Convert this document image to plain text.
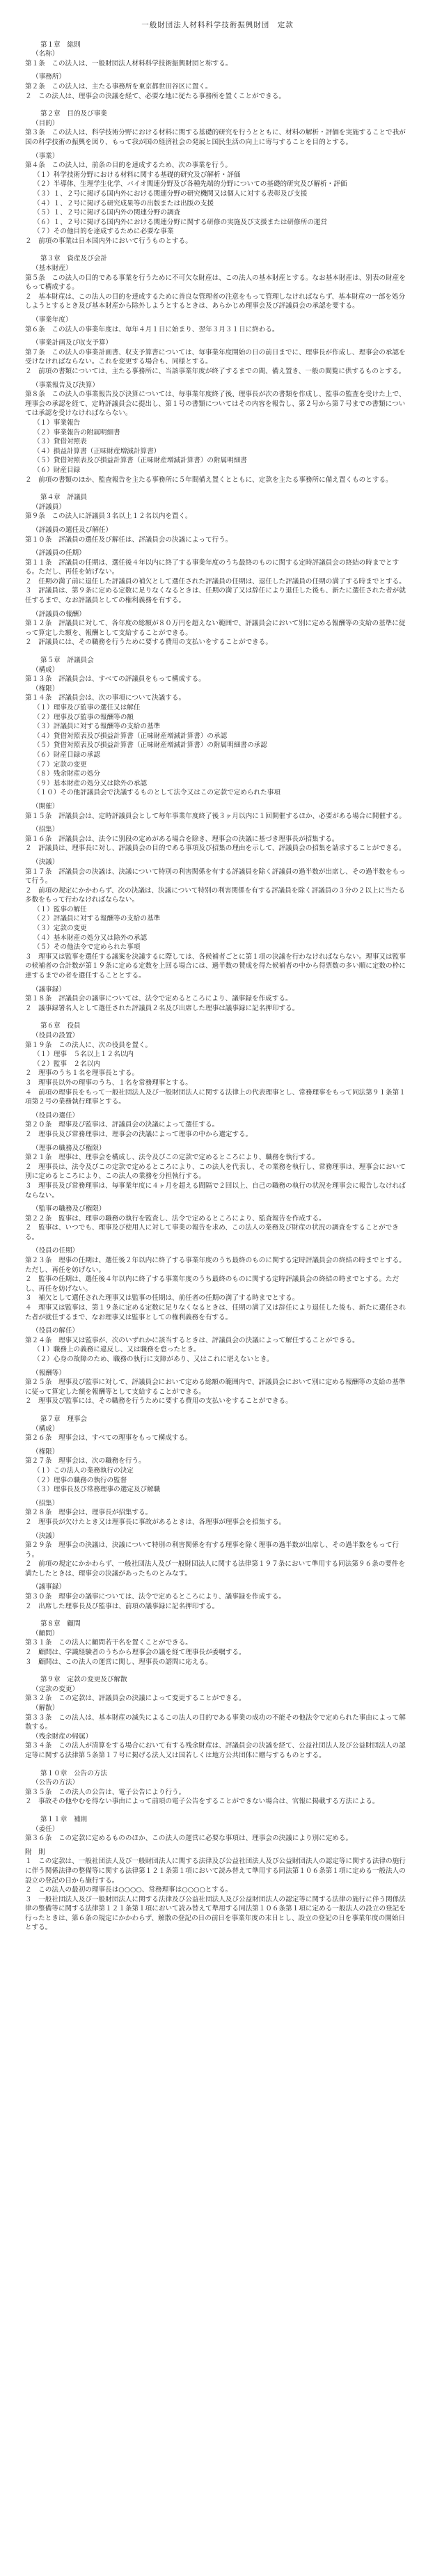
一般財団法人材料科学技術振興財団　定款
第１章　総則
（名称）
第１条　この法人は、一般財団法人材料科学技術振興財団と称する。
（事務所）
第２条　この法人は、主たる事務所を東京都世田谷区に置く。
２　この法人は、理事会の決議を経て、必要な地に従たる事務所を置くことができる。
第２章　目的及び事業
（目的）
第３条　この法人は、科学技術分野における材料に関する基礎的研究を行うとともに、材料の解析・評価を実施することで我が国の科学技術の振興を図り、もって我が国の経済社会の発展と国民生活の向上に寄与することを目的とする。
（事業）
第４条　この法人は、前条の目的を達成するため、次の事業を行う。
（１）科学技術分野における材料に関する基礎的研究及び解析・評価
（２）半導体、生理学生化学、バイオ関連分野及び各種先端的分野についての基礎的研究及び解析・評価
（３）１、２号に掲げる国内外における関連分野の研究機関又は個人に対する表彰及び支援
（４）１、２号に掲げる研究成果等の出版または出版の支援
（５）１、２号に掲げる国内外の関連分野の調査
（６）１、２号に掲げる国内外における関連分野に関する研修の実施及び支援または研修所の運営
（７）その他目的を達成するために必要な事業
２　前項の事業は日本国内外において行うものとする。
第３章　資産及び会計
（基本財産）
第５条　この法人の目的である事業を行うために不可欠な財産は、この法人の基本財産とする。なお基本財産は、別表の財産をもって構成する。
２　基本財産は、この法人の目的を達成するために善良な管理者の注意をもって管理しなければならず、基本財産の一部を処分しようとするとき及び基本財産から除外しようとするときは、あらかじめ理事会及び評議員会の承認を要する。
（事業年度）
第６条　この法人の事業年度は、毎年４月１日に始まり、翌年３月３１日に終わる。
（事業計画及び収支予算）
第７条　この法人の事業計画書、収支予算書については、毎事業年度開始の日の前日までに、理事長が作成し、理事会の承認を受けなければならない。これを変更する場合も、同様とする。
２　前項の書類については、主たる事務所に、当該事業年度が終了するまでの間、備え置き、一般の閲覧に供するものとする。
（事業報告及び決算）
第８条　この法人の事業報告及び決算については、毎事業年度終了後、理事長が次の書類を作成し、監事の監査を受けた上で、理事会の承認を経て、定時評議員会に提出し、第１号の書類についてはその内容を報告し、第２号から第７号までの書類については承認を受けなければならない。
（１）事業報告
（２）事業報告の附属明細書
（３）貸借対照表
（４）損益計算書（正味財産増減計算書）
（５）貸借対照表及び損益計算書（正味財産増減計算書）の附属明細書
（６）財産目録
２　前項の書類のほか、監査報告を主たる事務所に５年間備え置くとともに、定款を主たる事務所に備え置くものとする。
第４章　評議員
（評議員）
第９条　この法人に評議員３名以上１２名以内を置く。
（評議員の選任及び解任）
第１０条　評議員の選任及び解任は、評議員会の決議によって行う。
（評議員の任期）
第１１条　評議員の任期は、選任後４年以内に終了する事業年度のうち最終のものに関する定時評議員会の終結の時までとする。ただし、再任を妨げない。
２　任期の満了前に退任した評議員の補欠として選任された評議員の任期は、退任した評議員の任期の満了する時までとする。
３　評議員は、第９条に定める定数に足りなくなるときは、任期の満了又は辞任により退任した後も、新たに選任された者が就任するまで、なお評議員としての権利義務を有する。
（評議員の報酬）
第１２条　評議員に対して、各年度の総額が８０万円を超えない範囲で、評議員会において別に定める報酬等の支給の基準に従って算定した額を、報酬として支給することができる。
２　評議員には、その職務を行うために要する費用の支払いをすることができる。
第５章　評議員会
（構成）
第１３条　評議員会は、すべての評議員をもって構成する。
（権限）
第１４条　評議員会は、次の事項について決議する。
（１）理事及び監事の選任又は解任
（２）理事及び監事の報酬等の額
（３）評議員に対する報酬等の支給の基準
（４）貸借対照表及び損益計算書（正味財産増減計算書）の承認
（５）貸借対照表及び損益計算書（正味財産増減計算書）の附属明細書の承認
（６）財産目録の承認
（７）定款の変更
（８）残余財産の処分
（９）基本財産の処分又は除外の承認
（１０）その他評議員会で決議するものとして法令又はこの定款で定められた事項
（開催）
第１５条　評議員会は、定時評議員会として毎年事業年度終了後３ヶ月以内に１回開催するほか、必要がある場合に開催する。
（招集）
第１６条　評議員会は、法令に別段の定めがある場合を除き、理事会の決議に基づき理事長が招集する。
２　評議員は、理事長に対し、評議員会の目的である事項及び招集の理由を示して、評議員会の招集を請求することができる。
（決議）
第１７条　評議員会の決議は、決議について特別の利害関係を有する評議員を除く評議員の過半数が出席し、その過半数をもって行う。
２　前項の規定にかかわらず、次の決議は、決議について特別の利害関係を有する評議員を除く評議員の３分の２以上に当たる多数をもって行わなければならない。
（１）監事の解任
（２）評議員に対する報酬等の支給の基準
（３）定款の変更
（４）基本財産の処分又は除外の承認
（５）その他法令で定められた事項
３　理事又は監事を選任する議案を決議するに際しては、各候補者ごとに第１項の決議を行わなければならない。理事又は監事の候補者の合計数が第１９条に定める定数を上回る場合には、過半数の賛成を得た候補者の中から得票数の多い順に定数の枠に達するまでの者を選任することとする。
（議事録）
第１８条　評議員会の議事については、法令で定めるところにより、議事録を作成する。
２　議事録署名人として選任された評議員２名及び出席した理事は議事録に記名押印する。
第６章　役員
（役員の設置）
第１９条　この法人に、次の役員を置く。
（１）理事　５名以上１２名以内
（２）監事　２名以内
２　理事のうち１名を理事長とする。
３　理事長以外の理事のうち、１名を常務理事とする。
４　前項の理事長をもって一般社団法人及び一般財団法人に関する法律上の代表理事とし、常務理事をもって同法第９１条第１項第２号の業務執行理事とする。
（役員の選任）
第２０条　理事及び監事は、評議員会の決議によって選任する。
２　理事長及び常務理事は、理事会の決議によって理事の中から選定する。
（理事の職務及び権限）
第２１条　理事は、理事会を構成し、法令及びこの定款で定めるところにより、職務を執行する。
２　理事長は、法令及びこの定款で定めるところにより、この法人を代表し、その業務を執行し、常務理事は、理事会において別に定めるところにより、この法人の業務を分担執行する。
３　理事長及び常務理事は、毎事業年度に４ヶ月を超える間隔で２回以上、自己の職務の執行の状況を理事会に報告しなければならない。
（監事の職務及び権限）
第２２条　監事は、理事の職務の執行を監査し、法令で定めるところにより、監査報告を作成する。
２　監事は、いつでも、理事及び使用人に対して事業の報告を求め、この法人の業務及び財産の状況の調査をすることができる。
（役員の任期）
第２３条　理事の任期は、選任後２年以内に終了する事業年度のうち最終のものに関する定時評議員会の終結の時までとする。ただし、再任を妨げない。
２　監事の任期は、選任後４年以内に終了する事業年度のうち最終のものに関する定時評議員会の終結の時までとする。ただし、再任を妨げない。
３　補欠として選任された理事又は監事の任期は、前任者の任期の満了する時までとする。
４　理事又は監事は、第１９条に定める定数に足りなくなるときは、任期の満了又は辞任により退任した後も、新たに選任された者が就任するまで、なお理事又は監事としての権利義務を有する。
（役員の解任）
第２４条　理事又は監事が、次のいずれかに該当するときは、評議員会の決議によって解任することができる。
（１）職務上の義務に違反し、又は職務を怠ったとき。
（２）心身の故障のため、職務の執行に支障があり、又はこれに堪えないとき。
（報酬等）
第２５条　理事及び監事に対して、評議員会において定める総額の範囲内で、評議員会において別に定める報酬等の支給の基準に従って算定した額を報酬等として支給することができる。
２　理事及び監事には、その職務を行うために要する費用の支払いをすることができる。
第７章　理事会
（構成）
第２６条　理事会は、すべての理事をもって構成する。
（権限）
第２７条　理事会は、次の職務を行う。
（１）この法人の業務執行の決定
（２）理事の職務の執行の監督
（３）理事長及び常務理事の選定及び解職
（招集）
第２８条　理事会は、理事長が招集する。
２　理事長が欠けたとき又は理事長に事故があるときは、各理事が理事会を招集する。
（決議）
第２９条　理事会の決議は、決議について特別の利害関係を有する理事を除く理事の過半数が出席し、その過半数をもって行う。
２　前項の規定にかかわらず、一般社団法人及び一般財団法人に関する法律第１９７条において準用する同法第９６条の要件を満たしたときは、理事会の決議があったものとみなす。
（議事録）
第３０条　理事会の議事については、法令で定めるところにより、議事録を作成する。
２　出席した理事長及び監事は、前項の議事録に記名押印する。
第８章　顧問
（顧問）
第３１条　この法人に顧問若干名を置くことができる。
２　顧問は、学識経験者のうちから理事会の議を経て理事長が委嘱する。
３　顧問は、この法人の運営に関し、理事長の諮問に応える。
第９章　定款の変更及び解散
（定款の変更）
第３２条　この定款は、評議員会の決議によって変更することができる。
（解散）
第３３条　この法人は、基本財産の滅失によるこの法人の目的である事業の成功の不能その他法令で定められた事由によって解散する。
（残余財産の帰属）
第３４条　この法人が清算をする場合において有する残余財産は、評議員会の決議を経て、公益社団法人及び公益財団法人の認定等に関する法律第５条第１７号に掲げる法人又は国若しくは地方公共団体に贈与するものとする。
第１０章　公告の方法
（公告の方法）
第３５条　この法人の公告は、電子公告により行う。
２　事故その他やむを得ない事由によって前項の電子公告をすることができない場合は、官報に掲載する方法による。
第１１章　補則
（委任）
第３６条　この定款に定めるもののほか、この法人の運営に必要な事項は、理事会の決議により別に定める。
附　則
１　この定款は、一般社団法人及び一般財団法人に関する法律及び公益社団法人及び公益財団法人の認定等に関する法律の施行に伴う関係法律の整備等に関する法律第１２１条第１項において読み替えて準用する同法第１０６条第１項に定める一般法人の設立の登記の日から施行する。
２　この法人の最初の理事長は○○○○、常務理事は○○○○とする。
３　一般社団法人及び一般財団法人に関する法律及び公益社団法人及び公益財団法人の認定等に関する法律の施行に伴う関係法律の整備等に関する法律第１２１条第１項において読み替えて準用する同法第１０６条第１項に定める一般法人の設立の登記を行ったときは、第６条の規定にかかわらず、解散の登記の日の前日を事業年度の末日とし、設立の登記の日を事業年度の開始日とする。
